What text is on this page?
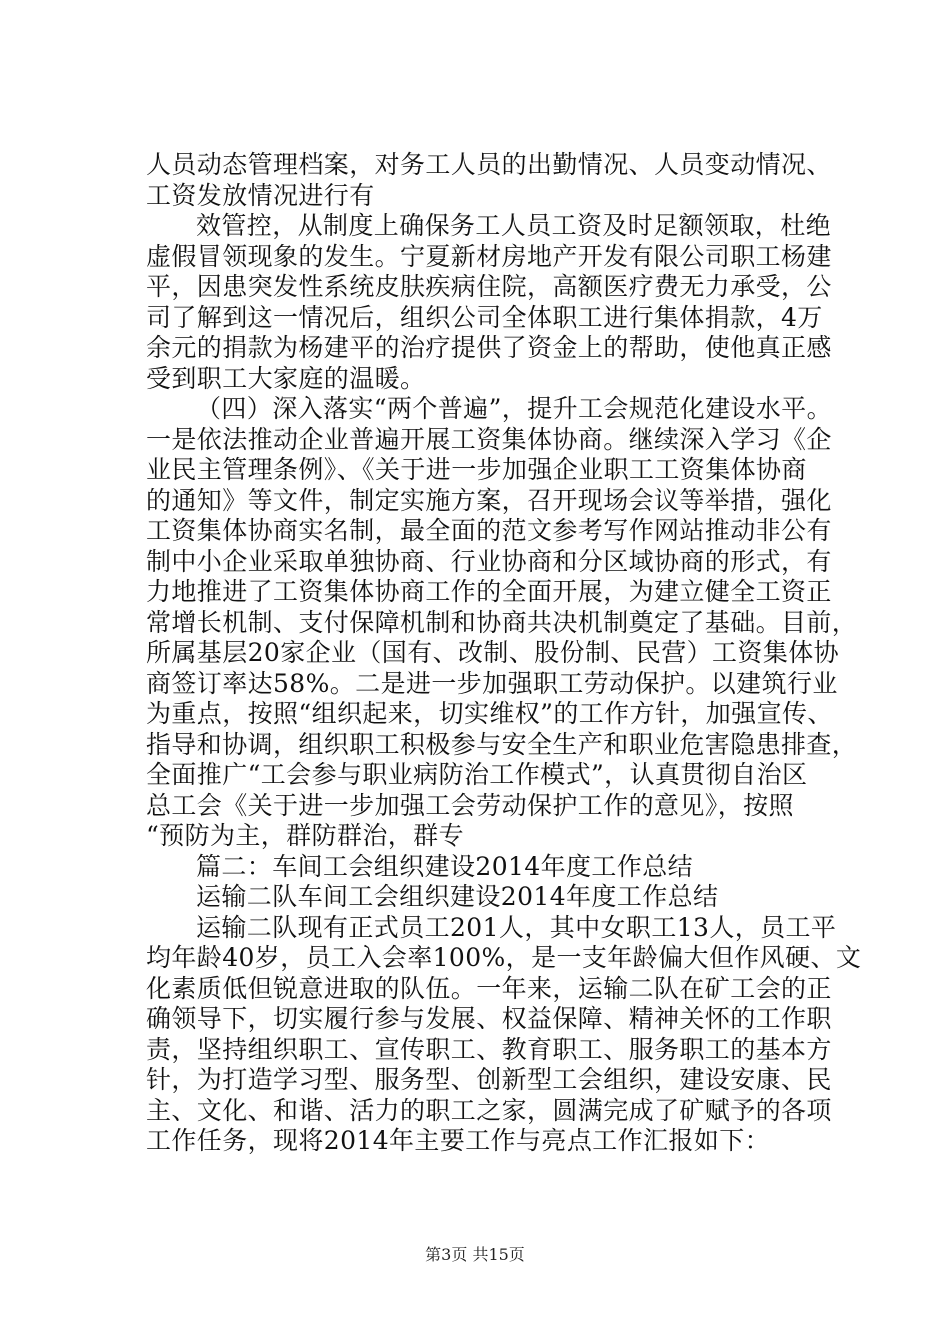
人员动态管理档案，对务工人员的出勤情况、人员变动情况、
工资发放情况进行有
效管控，从制度上确保务工人员工资及时足额领取，杜绝
虚假冒领现象的发生。宁夏新材房地产开发有限公司职工杨建
平，因患突发性系统皮肤疾病住院，高额医疗费无力承受，公
司了解到这一情况后，组织公司全体职工进行集体捐款，4万
余元的捐款为杨建平的治疗提供了资金上的帮助，使他真正感
受到职工大家庭的温暖。
（四）深入落实“两个普遍”，提升工会规范化建设水平。
一是依法推动企业普遍开展工资集体协商。继续深入学习《企
业民主管理条例》、《关于进一步加强企业职工工资集体协商
的通知》等文件，制定实施方案，召开现场会议等举措，强化
工资集体协商实名制，最全面的范文参考写作网站推动非公有
制中小企业采取单独协商、行业协商和分区域协商的形式，有
力地推进了工资集体协商工作的全面开展，为建立健全工资正
常增长机制、支付保障机制和协商共决机制奠定了基础。目前，
所属基层20家企业（国有、改制、股份制、民营）工资集体协
商签订率达58%。二是进一步加强职工劳动保护。以建筑行业
为重点，按照“组织起来，切实维权”的工作方针，加强宣传、
指导和协调，组织职工积极参与安全生产和职业危害隐患排查，
全面推广“工会参与职业病防治工作模式”，认真贯彻自治区
总工会《关于进一步加强工会劳动保护工作的意见》，按照
“预防为主，群防群治，群专
篇二：车间工会组织建设2014年度工作总结
运输二队车间工会组织建设2014年度工作总结
运输二队现有正式员工201人，其中女职工13人，员工平
均年龄40岁，员工入会率100%，是一支年龄偏大但作风硬、文
化素质低但锐意进取的队伍。一年来，运输二队在矿工会的正
确领导下，切实履行参与发展、权益保障、精神关怀的工作职
责，坚持组织职工、宣传职工、教育职工、服务职工的基本方
针，为打造学习型、服务型、创新型工会组织，建设安康、民
主、文化、和谐、活力的职工之家，圆满完成了矿赋予的各项
工作任务，现将2014年主要工作与亮点工作汇报如下：
第3页 共15页
